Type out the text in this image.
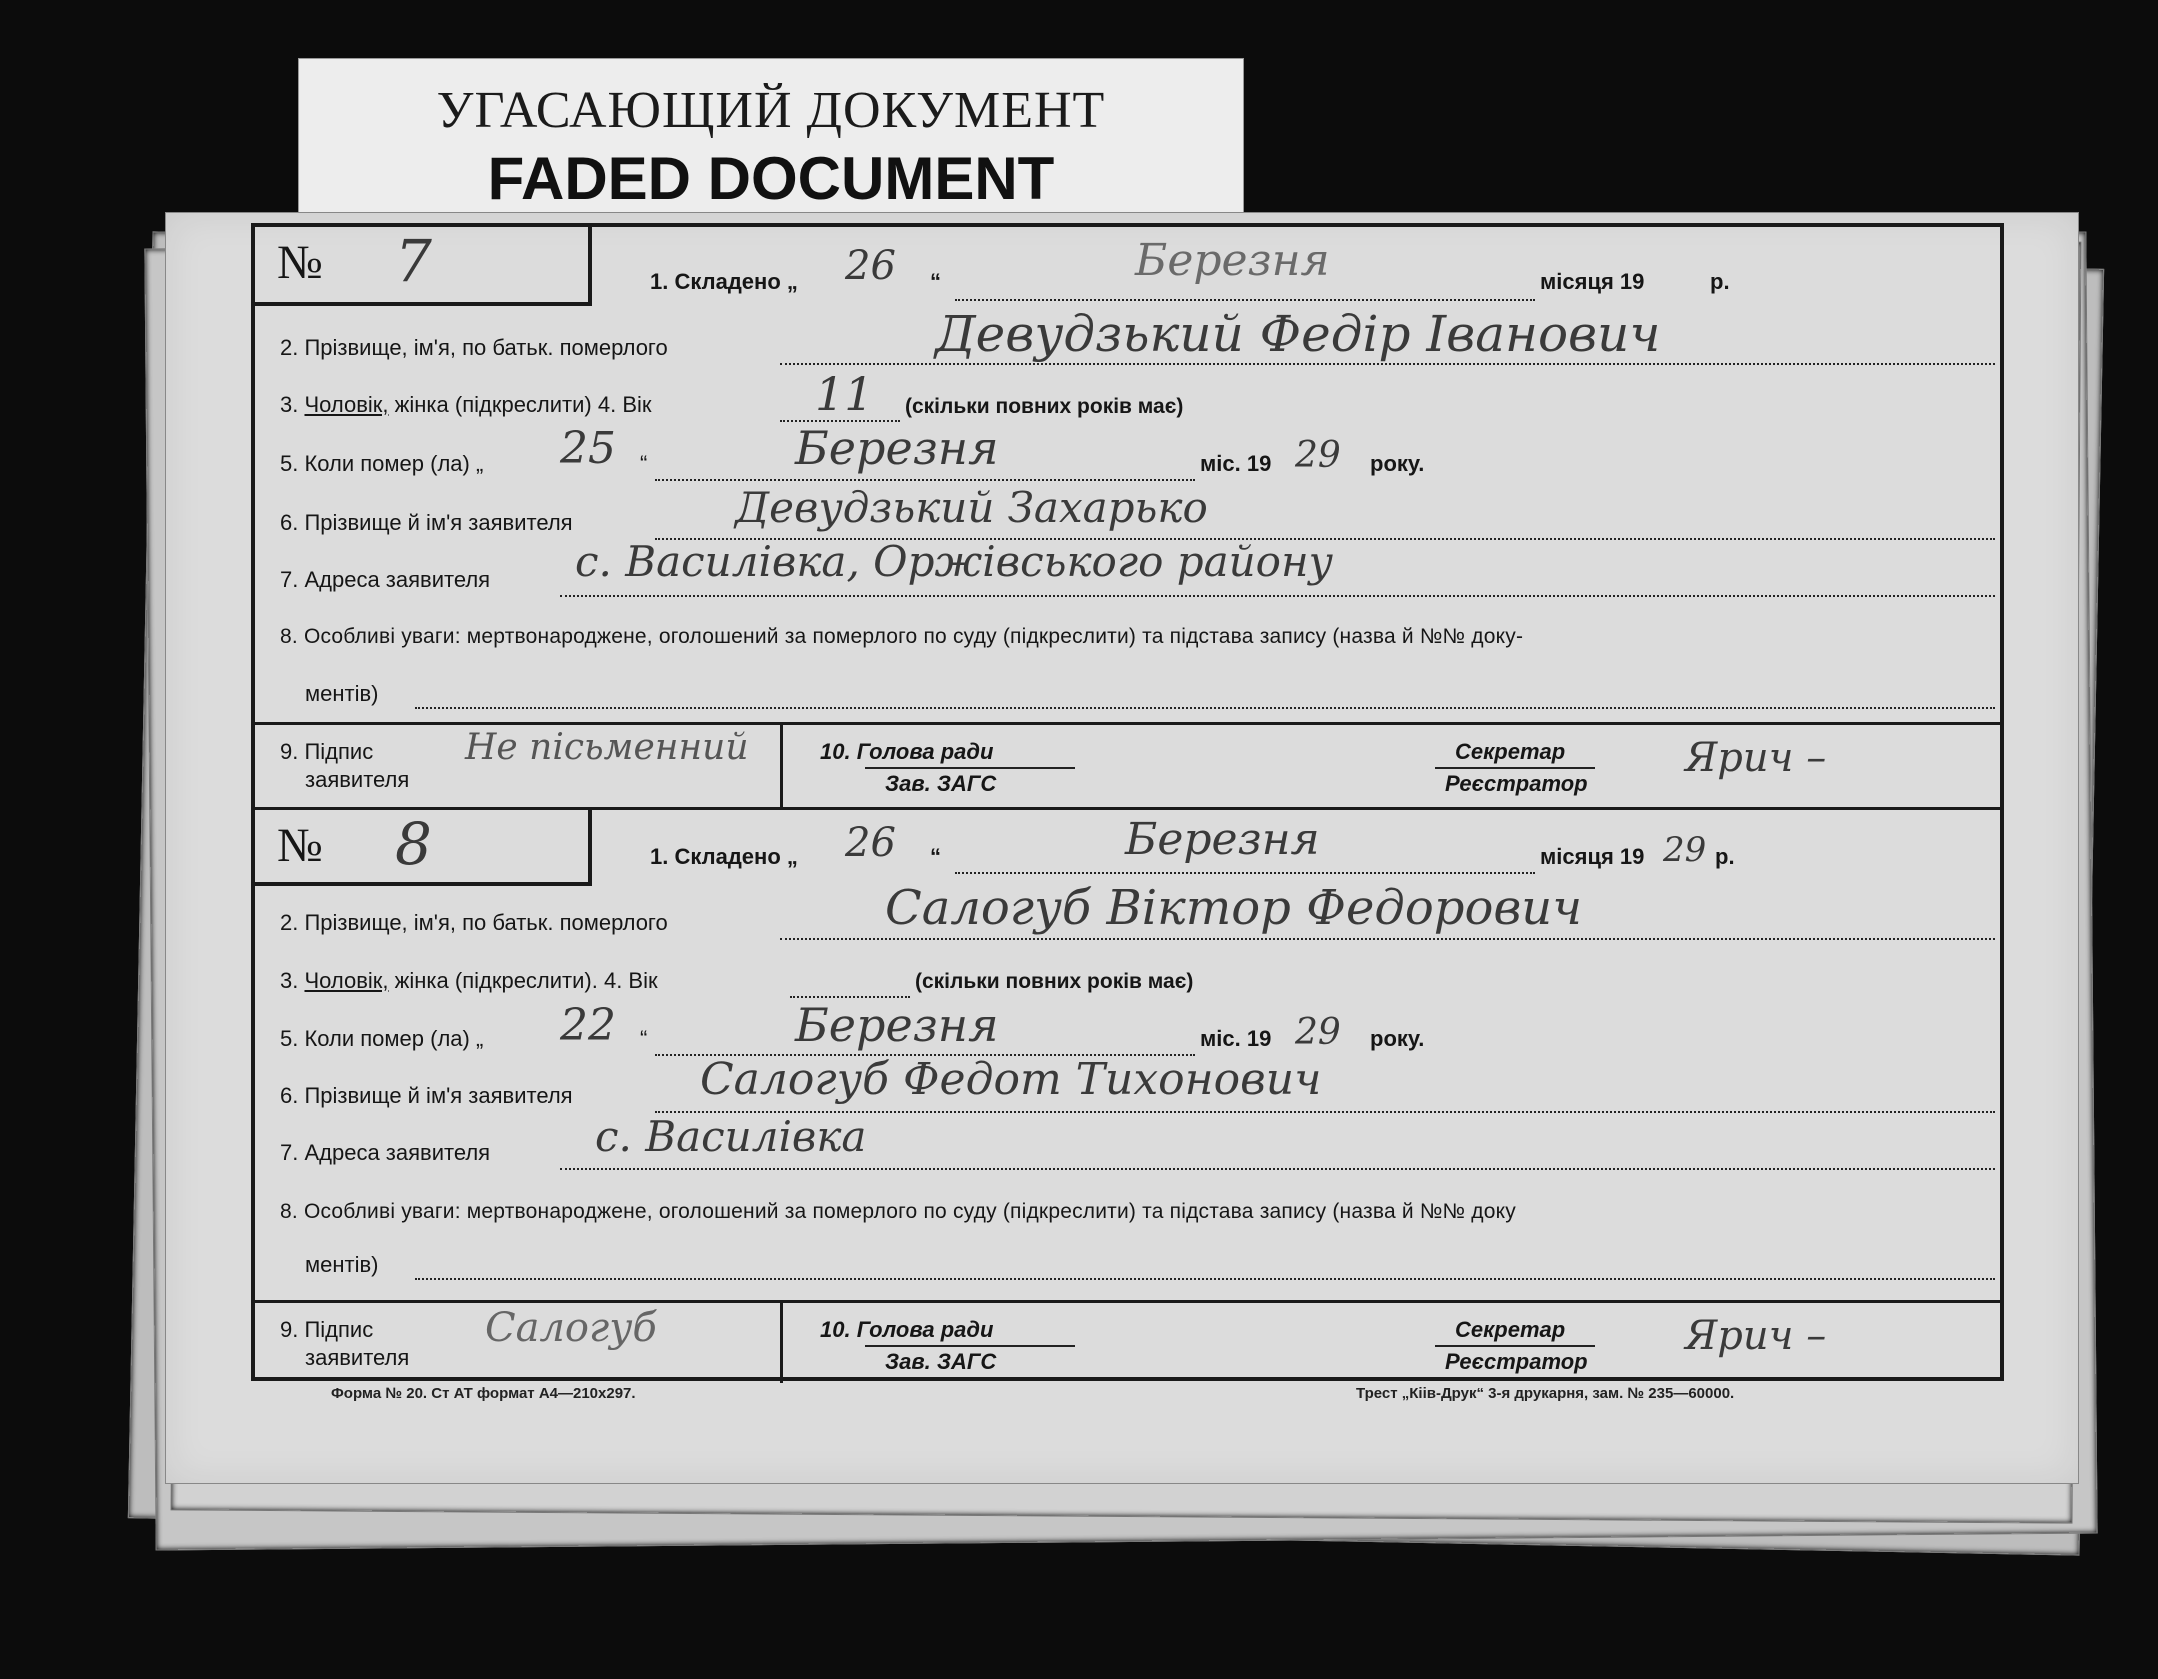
УГАСАЮЩИЙ ДОКУМЕНТ
FADED DOCUMENT
№ 7	1. Складено „ 26 “	Березня	місяця 19	р.
2. Прізвище, ім'я, по батьк. померлого	Девудзький Федір Іванович
3. Чоловік, жінка (підкреслити) 4. Вік	11 (скільки повних років має)
5. Коли помер (ла) „ 25 “	Березня	міс. 19 29 року.
6. Прізвище й ім'я заявителя	Девудзький Захарько
7. Адреса заявителя с. Василівка, Оржівського району
8. Особливі уваги: мертвонароджене, оголошений за померлого по суду (підкреслити) та підстава запису (назва й №№ доку-
ментів)
9. Підпис
заявителя
Не пісьменний	10. Голова ради
Зав. ЗАГС
Секретар
Реєстратор
Ярич –
№ 8	1. Складено „ 26 “	Березня	місяця 19 29 р.
2. Прізвище, ім'я, по батьк. померлого	Салогуб Віктор Федорович
3. Чоловік, жінка (підкреслити). 4. Вік	(скільки повних років має)
5. Коли помер (ла) „ 22 “	Березня	міс. 19 29 року.
6. Прізвище й ім'я заявителя	Салогуб Федот Тихонович
7. Адреса заявителя с. Василівка
8. Особливі уваги: мертвонароджене, оголошений за померлого по суду (підкреслити) та підстава запису (назва й №№ доку
ментів)
9. Підпис
заявителя
Салогуб	10. Голова ради
Зав. ЗАГС
Секретар
Реєстратор
Ярич –
Форма № 20. Ст АТ формат А4—210х297.	Трест „Кіів-Друк“ 3-я друкарня, зам. № 235—60000.
